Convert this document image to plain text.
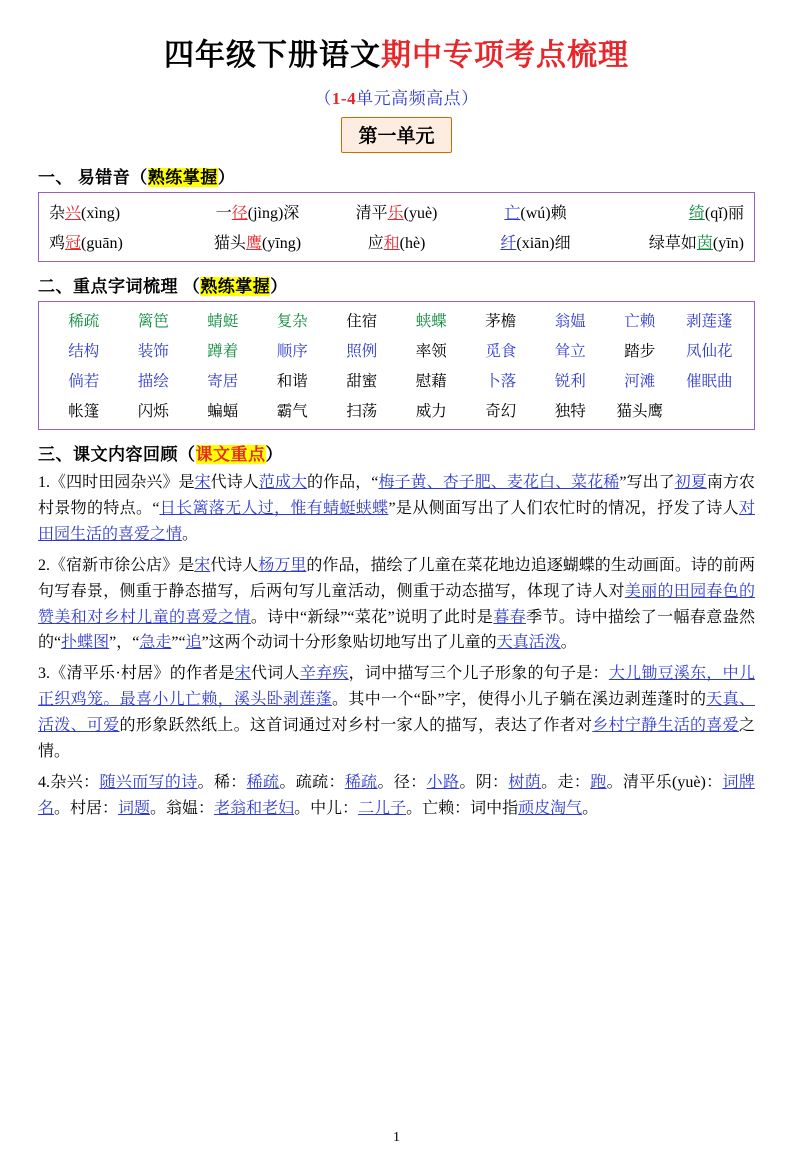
四年级下册语文期中专项考点梳理
（1-4单元高频高点）
第一单元
一、 易错音（熟练掌握）
杂兴(xìng)	一径(jìng)深	清平乐(yuè)	亡(wú)赖	绮(qǐ)丽
鸡冠(guān)	猫头鹰(yīng)	应和(hè)	纤(xiān)细	绿草如茵(yīn)
二、重点字词梳理 （熟练掌握）
稀疏	篱笆	蜻蜓	复杂	住宿	蛱蝶	茅檐	翁媪	亡赖	剥莲蓬
结构	装饰	蹲着	顺序	照例	率领	觅食	耸立	踏步	凤仙花
倘若	描绘	寄居	和谐	甜蜜	慰藉	卜落	锐利	河滩	催眠曲
帐篷	闪烁	蝙蝠	霸气	扫荡	威力	奇幻	独特	猫头鹰
三、课文内容回顾（课文重点）
1.《四时田园杂兴》是宋代诗人范成大的作品，“梅子黄、杏子肥、麦花白、菜花稀”写出了初夏南方农村景物的特点。“日长篱落无人过，惟有蜻蜓蛱蝶”是从侧面写出了人们农忙时的情况，抒发了诗人对田园生活的喜爱之情。
2.《宿新市徐公店》是宋代诗人杨万里的作品，描绘了儿童在菜花地边追逐蝴蝶的生动画面。诗的前两句写春景，侧重于静态描写，后两句写儿童活动，侧重于动态描写，体现了诗人对美丽的田园春色的赞美和对乡村儿童的喜爱之情。诗中“新绿”“菜花”说明了此时是暮春季节。诗中描绘了一幅春意盎然的“扑蝶图”，“急走”“追”这两个动词十分形象贴切地写出了儿童的天真活泼。
3.《清平乐·村居》的作者是宋代词人辛弃疾，词中描写三个儿子形象的句子是：大儿锄豆溪东，中儿正织鸡笼。最喜小儿亡赖，溪头卧剥莲蓬。其中一个“卧”字，使得小儿子躺在溪边剥莲蓬时的天真、活泼、可爱的形象跃然纸上。这首词通过对乡村一家人的描写，表达了作者对乡村宁静生活的喜爱之情。
4.杂兴：随兴而写的诗。稀：稀疏。疏疏：稀疏。径：小路。阴：树荫。走：跑。清平乐(yuè)：词牌名。村居：词题。翁媪：老翁和老妇。中儿：二儿子。亡赖：词中指顽皮淘气。
1
